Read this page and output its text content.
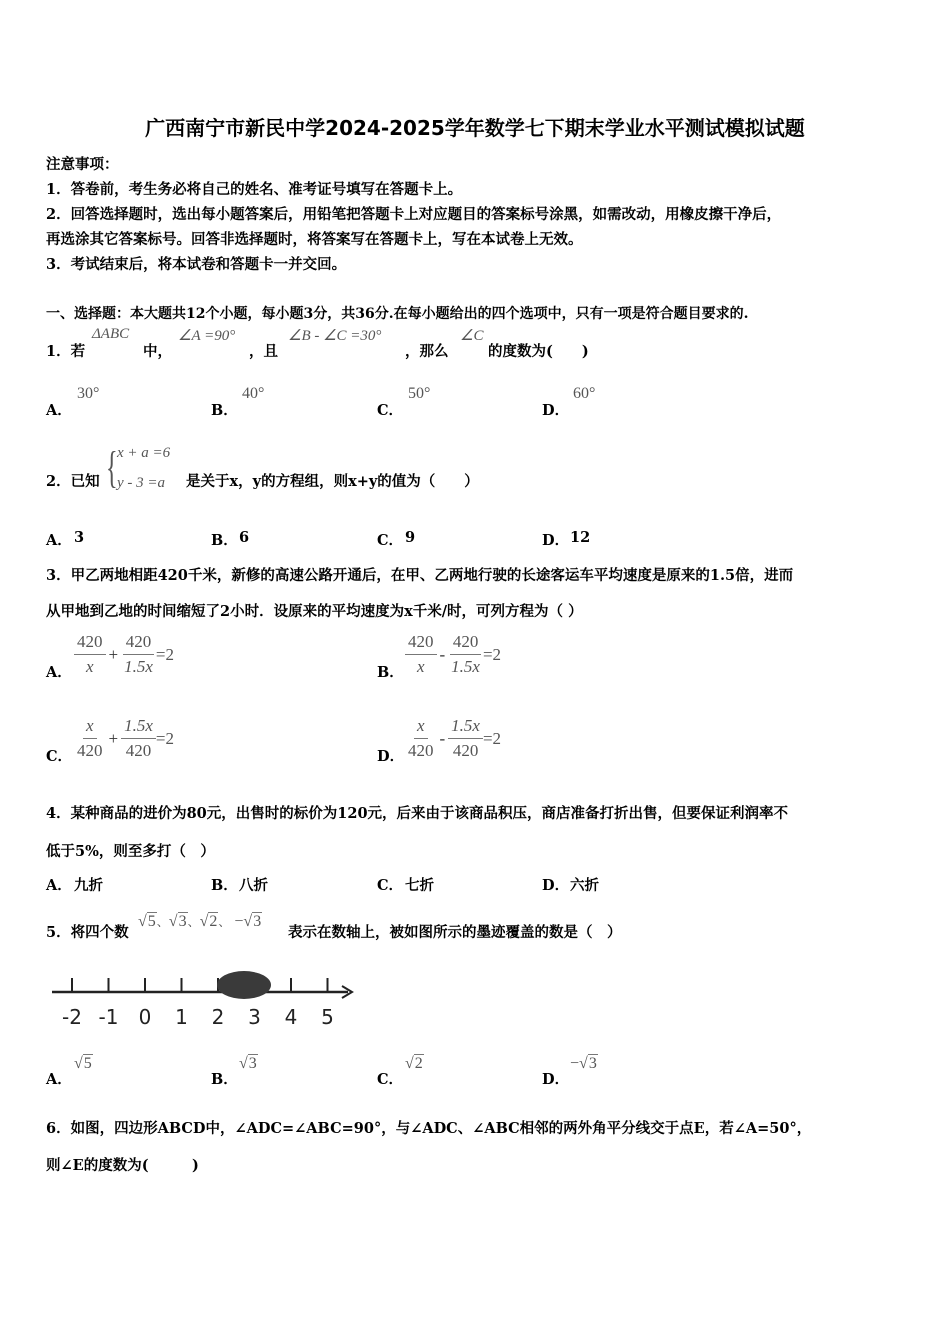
广西南宁市新民中学2024-2025学年数学七下期末学业水平测试模拟试题
注意事项：
1．答卷前，考生务必将自己的姓名、准考证号填写在答题卡上。
2．回答选择题时，选出每小题答案后，用铅笔把答题卡上对应题目的答案标号涂黑，如需改动，用橡皮擦干净后，
再选涂其它答案标号。回答非选择题时，将答案写在答题卡上，写在本试卷上无效。
3．考试结束后，将本试卷和答题卡一并交回。
一、选择题：本大题共12个小题，每小题3分，共36分.在每小题给出的四个选项中，只有一项是符合题目要求的.
1．若
ΔABC
中，
∠A =90°
，且
∠B - ∠C =30°
，那么
∠C
的度数为(　　)
A．
30°
B．
40°
C．
50°
D．
60°
2．已知 { x + a =6
y - 3 =a 是关于x，y的方程组，则x+y的值为（　　）
A． 3	B． 6	C． 9	D． 12
3．甲乙两地相距420千米，新修的高速公路开通后，在甲、乙两地行驶的长途客运车平均速度是原来的1.5倍，进而
从甲地到乙地的时间缩短了2小时．设原来的平均速度为x千米/时，可列方程为（ ）
A． $\frac{420}{x} + \frac{420}{1.5x} =2$
B． $\frac{420}{x} - \frac{420}{1.5x} =2$
C． $\frac{x}{420} + \frac{1.5x}{420} =2$
D． $\frac{x}{420} - \frac{1.5x}{420} =2$
4．某种商品的进价为80元，出售时的标价为120元，后来由于该商品积压，商店准备打折出售，但要保证利润率不
低于5%，则至多打（　）
A． 九折	B． 八折	C． 七折	D． 六折
5．将四个数
√5、√3、√2、 −√3
表示在数轴上，被如图所示的墨迹覆盖的数是（　）
-2 -1 0 1 2 3 4 5
A．
√5
B．
√3
C．
√2
D．
−√3
6．如图，四边形ABCD中，∠ADC=∠ABC=90°，与∠ADC、∠ABC相邻的两外角平分线交于点E，若∠A=50°，
则∠E的度数为(　　　)
